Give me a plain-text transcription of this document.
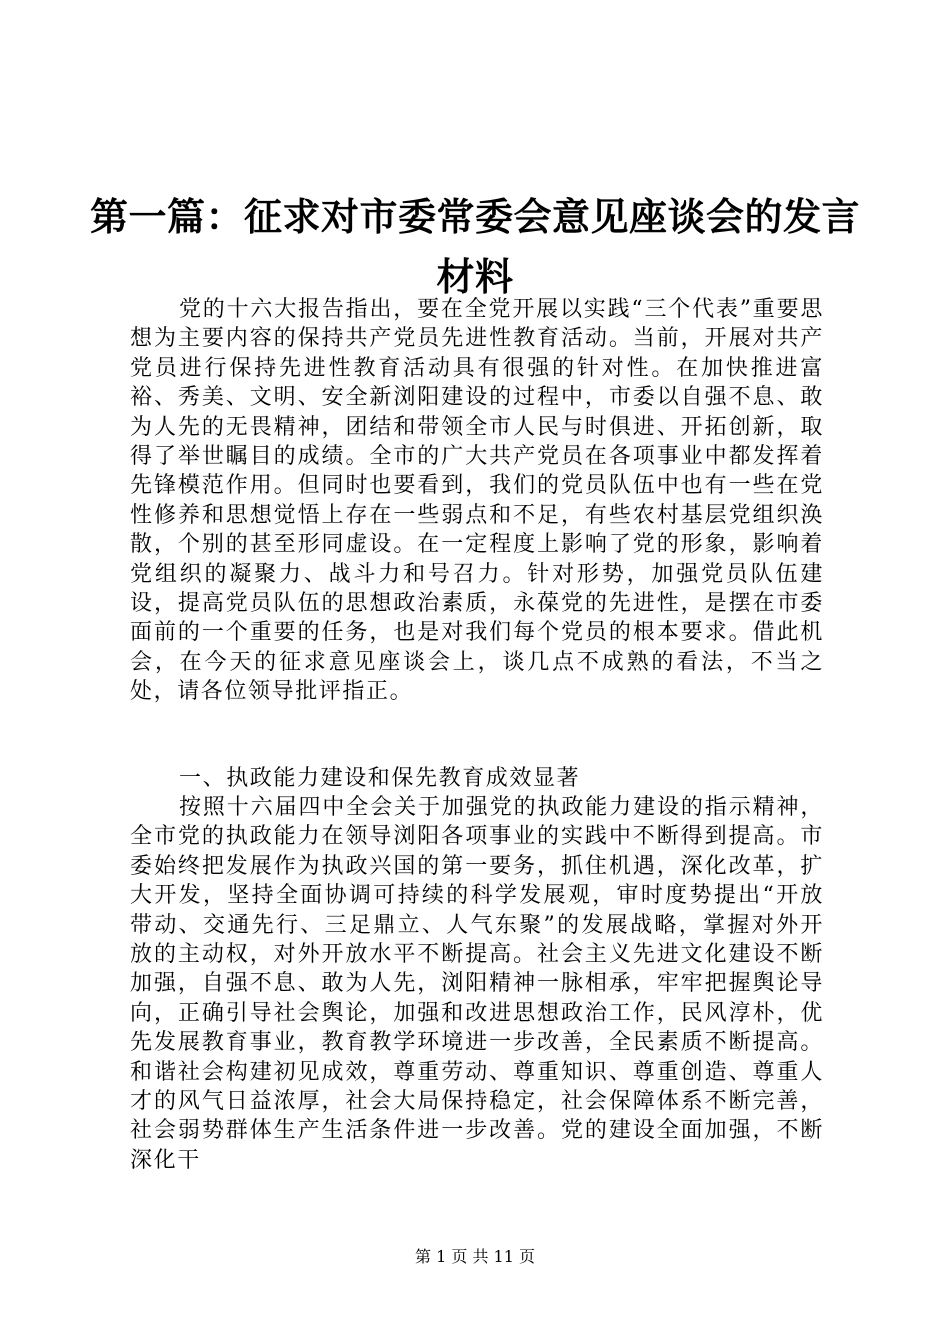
第一篇：征求对市委常委会意见座谈会的发言
材料

党的十六大报告指出，要在全党开展以实践“三个代表”重要思想为主要内容的保持共产党员先进性教育活动。当前，开展对共产党员进行保持先进性教育活动具有很强的针对性。在加快推进富裕、秀美、文明、安全新浏阳建设的过程中，市委以自强不息、敢为人先的无畏精神，团结和带领全市人民与时俱进、开拓创新，取得了举世瞩目的成绩。全市的广大共产党员在各项事业中都发挥着先锋模范作用。但同时也要看到，我们的党员队伍中也有一些在党性修养和思想觉悟上存在一些弱点和不足，有些农村基层党组织涣散，个别的甚至形同虚设。在一定程度上影响了党的形象，影响着党组织的凝聚力、战斗力和号召力。针对形势，加强党员队伍建设，提高党员队伍的思想政治素质，永葆党的先进性，是摆在市委面前的一个重要的任务，也是对我们每个党员的根本要求。借此机会，在今天的征求意见座谈会上，谈几点不成熟的看法，不当之处，请各位领导批评指正。

一、执政能力建设和保先教育成效显著

按照十六届四中全会关于加强党的执政能力建设的指示精神，全市党的执政能力在领导浏阳各项事业的实践中不断得到提高。市委始终把发展作为执政兴国的第一要务，抓住机遇，深化改革，扩大开发，坚持全面协调可持续的科学发展观，审时度势提出“开放带动、交通先行、三足鼎立、人气东聚”的发展战略，掌握对外开放的主动权，对外开放水平不断提高。社会主义先进文化建设不断加强，自强不息、敢为人先，浏阳精神一脉相承，牢牢把握舆论导向，正确引导社会舆论，加强和改进思想政治工作，民风淳朴，优先发展教育事业，教育教学环境进一步改善，全民素质不断提高。和谐社会构建初见成效，尊重劳动、尊重知识、尊重创造、尊重人才的风气日益浓厚，社会大局保持稳定，社会保障体系不断完善，社会弱势群体生产生活条件进一步改善。党的建设全面加强，不断深化干

第 1 页 共 11 页
